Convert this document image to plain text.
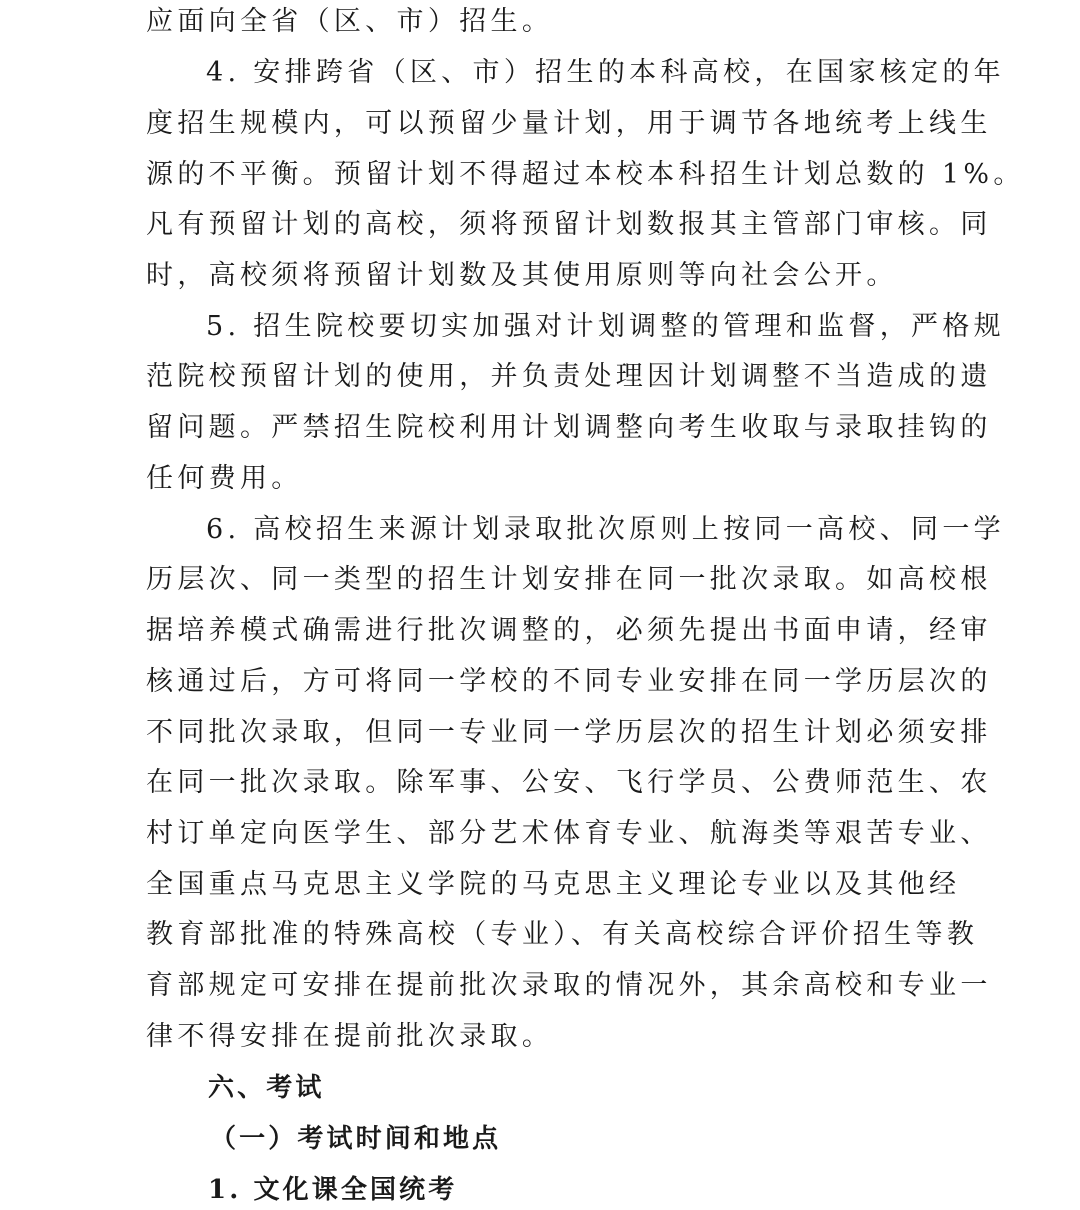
应面向全省（区、市）招生。
4. 安排跨省（区、市）招生的本科高校，在国家核定的年
度招生规模内，可以预留少量计划，用于调节各地统考上线生
源的不平衡。预留计划不得超过本校本科招生计划总数的 1%。
凡有预留计划的高校，须将预留计划数报其主管部门审核。同
时，高校须将预留计划数及其使用原则等向社会公开。
5. 招生院校要切实加强对计划调整的管理和监督，严格规
范院校预留计划的使用，并负责处理因计划调整不当造成的遗
留问题。严禁招生院校利用计划调整向考生收取与录取挂钩的
任何费用。
6. 高校招生来源计划录取批次原则上按同一高校、同一学
历层次、同一类型的招生计划安排在同一批次录取。如高校根
据培养模式确需进行批次调整的，必须先提出书面申请，经审
核通过后，方可将同一学校的不同专业安排在同一学历层次的
不同批次录取，但同一专业同一学历层次的招生计划必须安排
在同一批次录取。除军事、公安、飞行学员、公费师范生、农
村订单定向医学生、部分艺术体育专业、航海类等艰苦专业、
全国重点马克思主义学院的马克思主义理论专业以及其他经
教育部批准的特殊高校（专业）、有关高校综合评价招生等教
育部规定可安排在提前批次录取的情况外，其余高校和专业一
律不得安排在提前批次录取。
六、考试
（一）考试时间和地点
1. 文化课全国统考
